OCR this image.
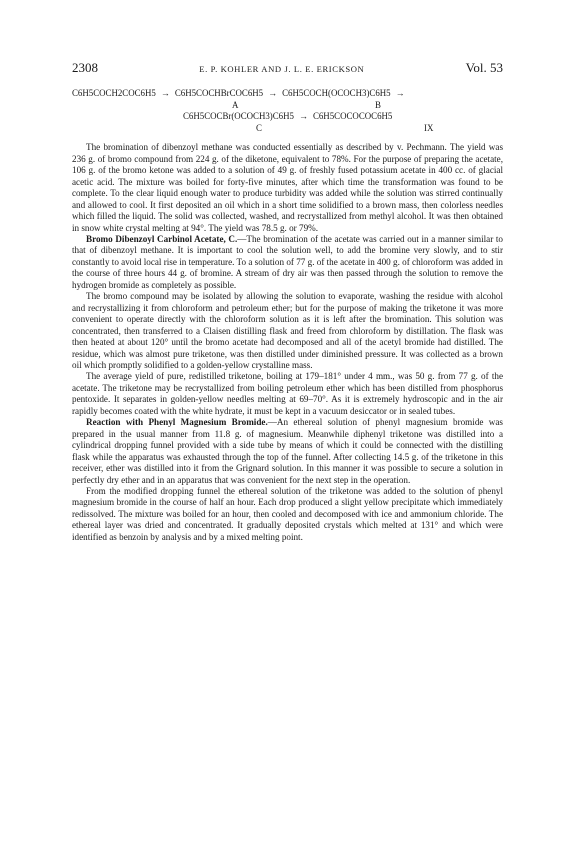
2308	E. P. KOHLER AND J. L. E. ERICKSON	Vol. 53
C6H5COCH2COC6H5 → C6H5COCHBrCOC6H5 → C6H5COCH(OCOCH3)C6H5 →
A	B
C6H5COCBr(OCOCH3)C6H5 → C6H5COCOCOC6H5
C	IX

The bromination of dibenzoyl methane was conducted essentially as described by v. Pechmann. The yield was 236 g. of bromo compound from 224 g. of the diketone, equivalent to 78%. For the purpose of preparing the acetate, 106 g. of the bromo ketone was added to a solution of 49 g. of freshly fused potassium acetate in 400 cc. of glacial acetic acid. The mixture was boiled for forty-five minutes, after which time the transformation was found to be complete. To the clear liquid enough water to produce turbidity was added while the solution was stirred continually and allowed to cool. It first deposited an oil which in a short time solidified to a brown mass, then colorless needles which filled the liquid. The solid was collected, washed, and recrystallized from methyl alcohol. It was then obtained in snow white crystal melting at 94°. The yield was 78.5 g. or 79%.

Bromo Dibenzoyl Carbinol Acetate, C.—The bromination of the acetate was carried out in a manner similar to that of dibenzoyl methane. It is important to cool the solution well, to add the bromine very slowly, and to stir constantly to avoid local rise in temperature. To a solution of 77 g. of the acetate in 400 g. of chloroform was added in the course of three hours 44 g. of bromine. A stream of dry air was then passed through the solution to remove the hydrogen bromide as completely as possible.

The bromo compound may be isolated by allowing the solution to evaporate, washing the residue with alcohol and recrystallizing it from chloroform and petroleum ether; but for the purpose of making the triketone it was more convenient to operate directly with the chloroform solution as it is left after the bromination. This solution was concentrated, then transferred to a Claisen distilling flask and freed from chloroform by distillation. The flask was then heated at about 120° until the bromo acetate had decomposed and all of the acetyl bromide had distilled. The residue, which was almost pure triketone, was then distilled under diminished pressure. It was collected as a brown oil which promptly solidified to a golden-yellow crystalline mass.

The average yield of pure, redistilled triketone, boiling at 179–181° under 4 mm., was 50 g. from 77 g. of the acetate. The triketone may be recrystallized from boiling petroleum ether which has been distilled from phosphorus pentoxide. It separates in golden-yellow needles melting at 69–70°. As it is extremely hydroscopic and in the air rapidly becomes coated with the white hydrate, it must be kept in a vacuum desiccator or in sealed tubes.

Reaction with Phenyl Magnesium Bromide.—An ethereal solution of phenyl magnesium bromide was prepared in the usual manner from 11.8 g. of magnesium. Meanwhile diphenyl triketone was distilled into a cylindrical dropping funnel provided with a side tube by means of which it could be connected with the distilling flask while the apparatus was exhausted through the top of the funnel. After collecting 14.5 g. of the triketone in this receiver, ether was distilled into it from the Grignard solution. In this manner it was possible to secure a solution in perfectly dry ether and in an apparatus that was convenient for the next step in the operation.

From the modified dropping funnel the ethereal solution of the triketone was added to the solution of phenyl magnesium bromide in the course of half an hour. Each drop produced a slight yellow precipitate which immediately redissolved. The mixture was boiled for an hour, then cooled and decomposed with ice and ammonium chloride. The ethereal layer was dried and concentrated. It gradually deposited crystals which melted at 131° and which were identified as benzoin by analysis and by a mixed melting point.
